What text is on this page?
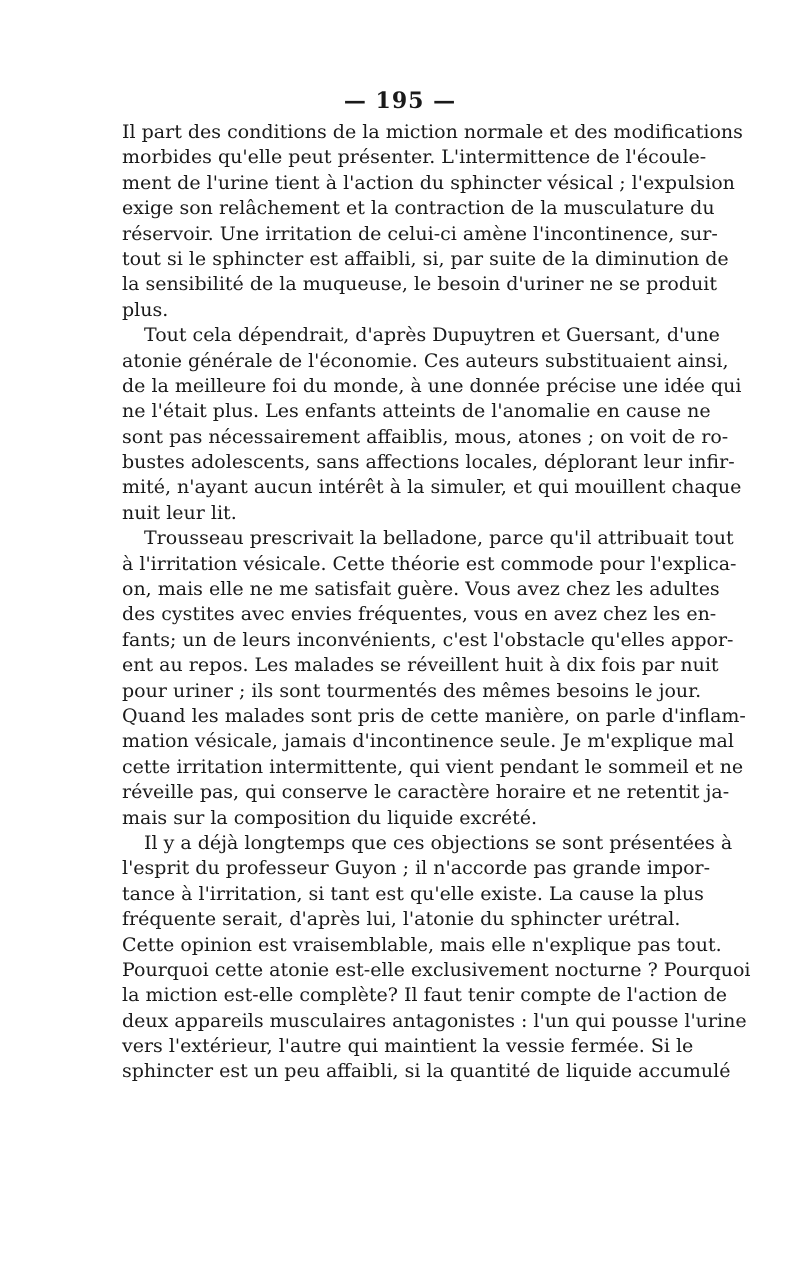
— 195 —
Il part des conditions de la miction normale et des modifications
morbides qu'elle peut présenter. L'intermittence de l'écoule-
ment de l'urine tient à l'action du sphincter vésical ; l'expulsion
exige son relâchement et la contraction de la musculature du
réservoir. Une irritation de celui-ci amène l'incontinence, sur-
tout si le sphincter est affaibli, si, par suite de la diminution de
la sensibilité de la muqueuse, le besoin d'uriner ne se produit
plus.
Tout cela dépendrait, d'après Dupuytren et Guersant, d'une
atonie générale de l'économie. Ces auteurs substituaient ainsi,
de la meilleure foi du monde, à une donnée précise une idée qui
ne l'était plus. Les enfants atteints de l'anomalie en cause ne
sont pas nécessairement affaiblis, mous, atones ; on voit de ro-
bustes adolescents, sans affections locales, déplorant leur infir-
mité, n'ayant aucun intérêt à la simuler, et qui mouillent chaque
nuit leur lit.
Trousseau prescrivait la belladone, parce qu'il attribuait tout
à l'irritation vésicale. Cette théorie est commode pour l'explica-
on, mais elle ne me satisfait guère. Vous avez chez les adultes
des cystites avec envies fréquentes, vous en avez chez les en-
fants; un de leurs inconvénients, c'est l'obstacle qu'elles appor-
ent au repos. Les malades se réveillent huit à dix fois par nuit
pour uriner ; ils sont tourmentés des mêmes besoins le jour.
Quand les malades sont pris de cette manière, on parle d'inflam-
mation vésicale, jamais d'incontinence seule. Je m'explique mal
cette irritation intermittente, qui vient pendant le sommeil et ne
réveille pas, qui conserve le caractère horaire et ne retentit ja-
mais sur la composition du liquide excrété.
Il y a déjà longtemps que ces objections se sont présentées à
l'esprit du professeur Guyon ; il n'accorde pas grande impor-
tance à l'irritation, si tant est qu'elle existe. La cause la plus
fréquente serait, d'après lui, l'atonie du sphincter urétral.
Cette opinion est vraisemblable, mais elle n'explique pas tout.
Pourquoi cette atonie est-elle exclusivement nocturne ? Pourquoi
la miction est-elle complète? Il faut tenir compte de l'action de
deux appareils musculaires antagonistes : l'un qui pousse l'urine
vers l'extérieur, l'autre qui maintient la vessie fermée. Si le
sphincter est un peu affaibli, si la quantité de liquide accumulé
